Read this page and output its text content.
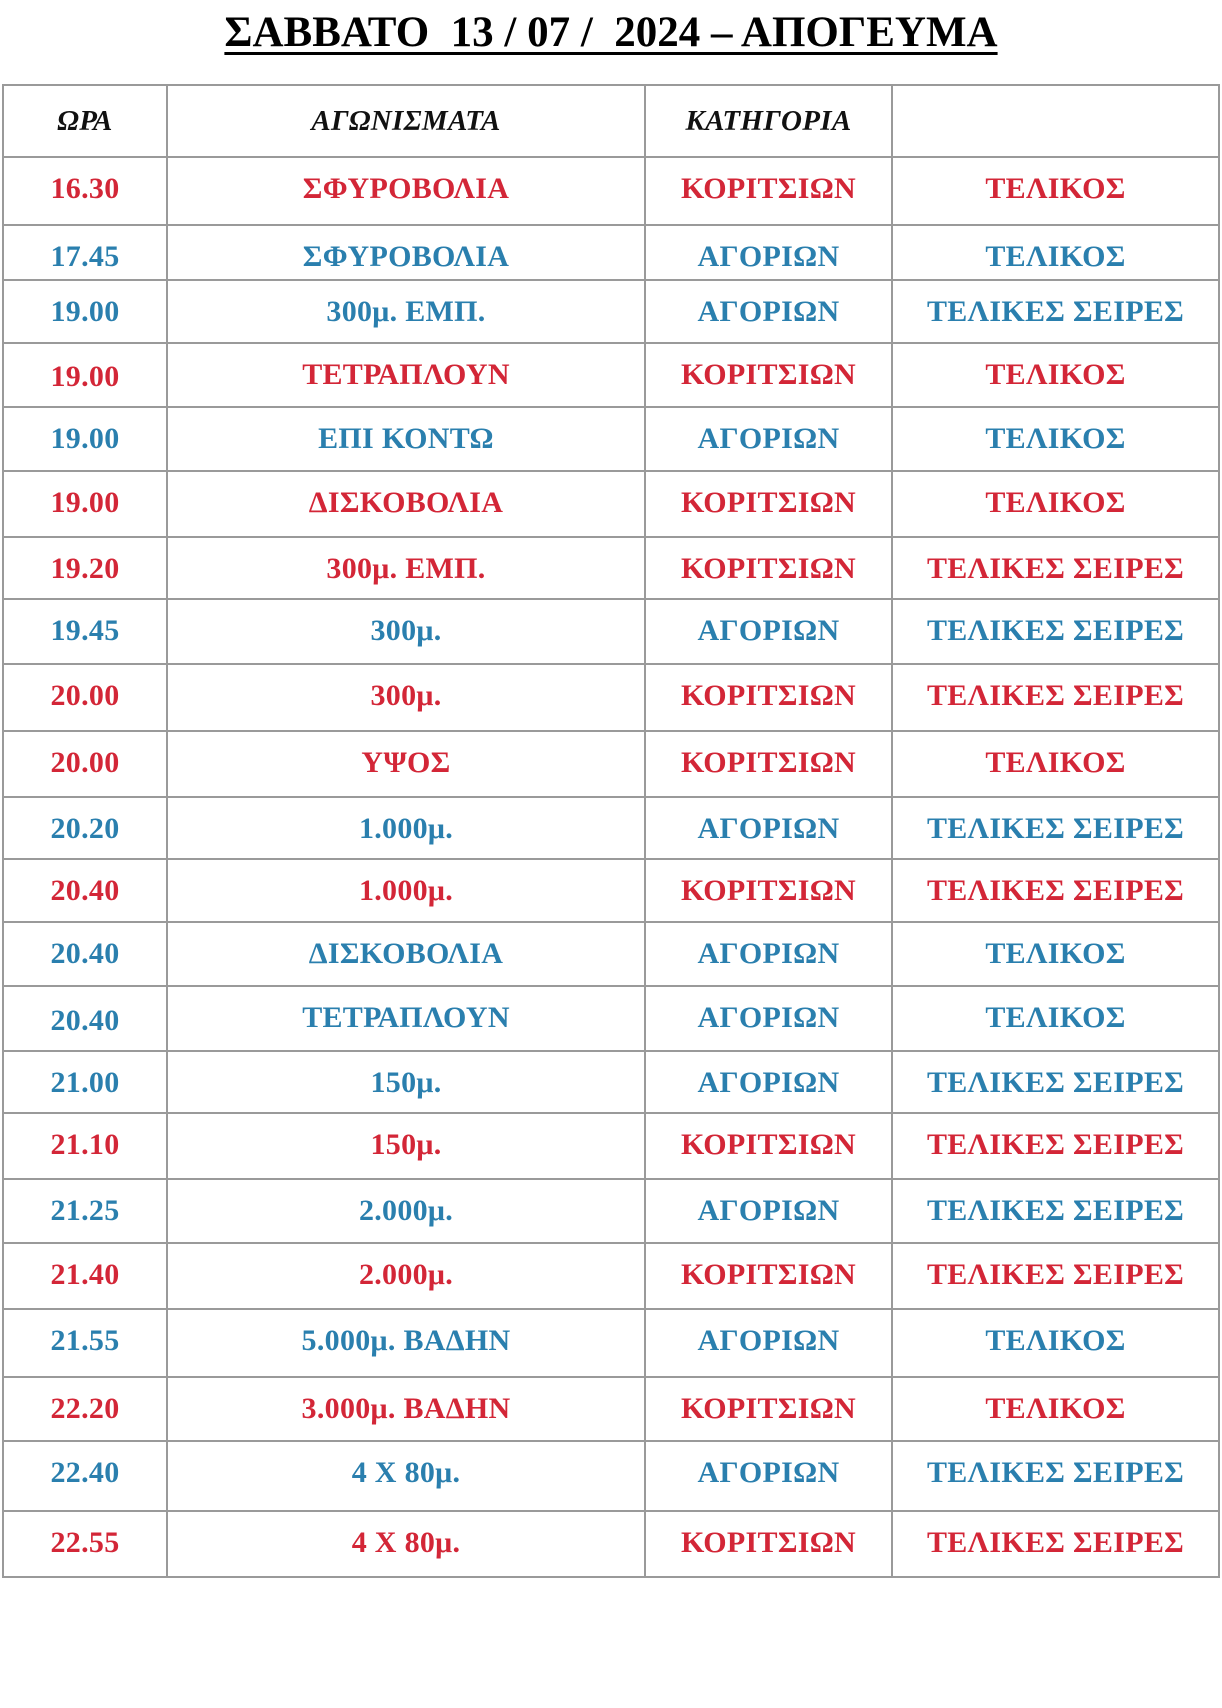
ΣΑΒΒΑΤΟ  13 / 07 /  2024 – ΑΠΟΓΕΥΜΑ
ΩΡΑ	ΑΓΩΝΙΣΜΑΤΑ	ΚΑΤΗΓΟΡΙΑ	
16.30	ΣΦΥΡΟΒΟΛΙΑ	ΚΟΡΙΤΣΙΩΝ	ΤΕΛΙΚΟΣ
17.45	ΣΦΥΡΟΒΟΛΙΑ	ΑΓΟΡΙΩΝ	ΤΕΛΙΚΟΣ
19.00	300μ. ΕΜΠ.	ΑΓΟΡΙΩΝ	ΤΕΛΙΚΕΣ ΣΕΙΡΕΣ
19.00	ΤΕΤΡΑΠΛΟΥΝ	ΚΟΡΙΤΣΙΩΝ	ΤΕΛΙΚΟΣ
19.00	ΕΠΙ ΚΟΝΤΩ	ΑΓΟΡΙΩΝ	ΤΕΛΙΚΟΣ
19.00	ΔΙΣΚΟΒΟΛΙΑ	ΚΟΡΙΤΣΙΩΝ	ΤΕΛΙΚΟΣ
19.20	300μ. ΕΜΠ.	ΚΟΡΙΤΣΙΩΝ	ΤΕΛΙΚΕΣ ΣΕΙΡΕΣ
19.45	300μ.	ΑΓΟΡΙΩΝ	ΤΕΛΙΚΕΣ ΣΕΙΡΕΣ
20.00	300μ.	ΚΟΡΙΤΣΙΩΝ	ΤΕΛΙΚΕΣ ΣΕΙΡΕΣ
20.00	ΥΨΟΣ	ΚΟΡΙΤΣΙΩΝ	ΤΕΛΙΚΟΣ
20.20	1.000μ.	ΑΓΟΡΙΩΝ	ΤΕΛΙΚΕΣ ΣΕΙΡΕΣ
20.40	1.000μ.	ΚΟΡΙΤΣΙΩΝ	ΤΕΛΙΚΕΣ ΣΕΙΡΕΣ
20.40	ΔΙΣΚΟΒΟΛΙΑ	ΑΓΟΡΙΩΝ	ΤΕΛΙΚΟΣ
20.40	ΤΕΤΡΑΠΛΟΥΝ	ΑΓΟΡΙΩΝ	ΤΕΛΙΚΟΣ
21.00	150μ.	ΑΓΟΡΙΩΝ	ΤΕΛΙΚΕΣ ΣΕΙΡΕΣ
21.10	150μ.	ΚΟΡΙΤΣΙΩΝ	ΤΕΛΙΚΕΣ ΣΕΙΡΕΣ
21.25	2.000μ.	ΑΓΟΡΙΩΝ	ΤΕΛΙΚΕΣ ΣΕΙΡΕΣ
21.40	2.000μ.	ΚΟΡΙΤΣΙΩΝ	ΤΕΛΙΚΕΣ ΣΕΙΡΕΣ
21.55	5.000μ. ΒΑΔΗΝ	ΑΓΟΡΙΩΝ	ΤΕΛΙΚΟΣ
22.20	3.000μ. ΒΑΔΗΝ	ΚΟΡΙΤΣΙΩΝ	ΤΕΛΙΚΟΣ
22.40	4 Χ 80μ.	ΑΓΟΡΙΩΝ	ΤΕΛΙΚΕΣ ΣΕΙΡΕΣ
22.55	4 Χ 80μ.	ΚΟΡΙΤΣΙΩΝ	ΤΕΛΙΚΕΣ ΣΕΙΡΕΣ
